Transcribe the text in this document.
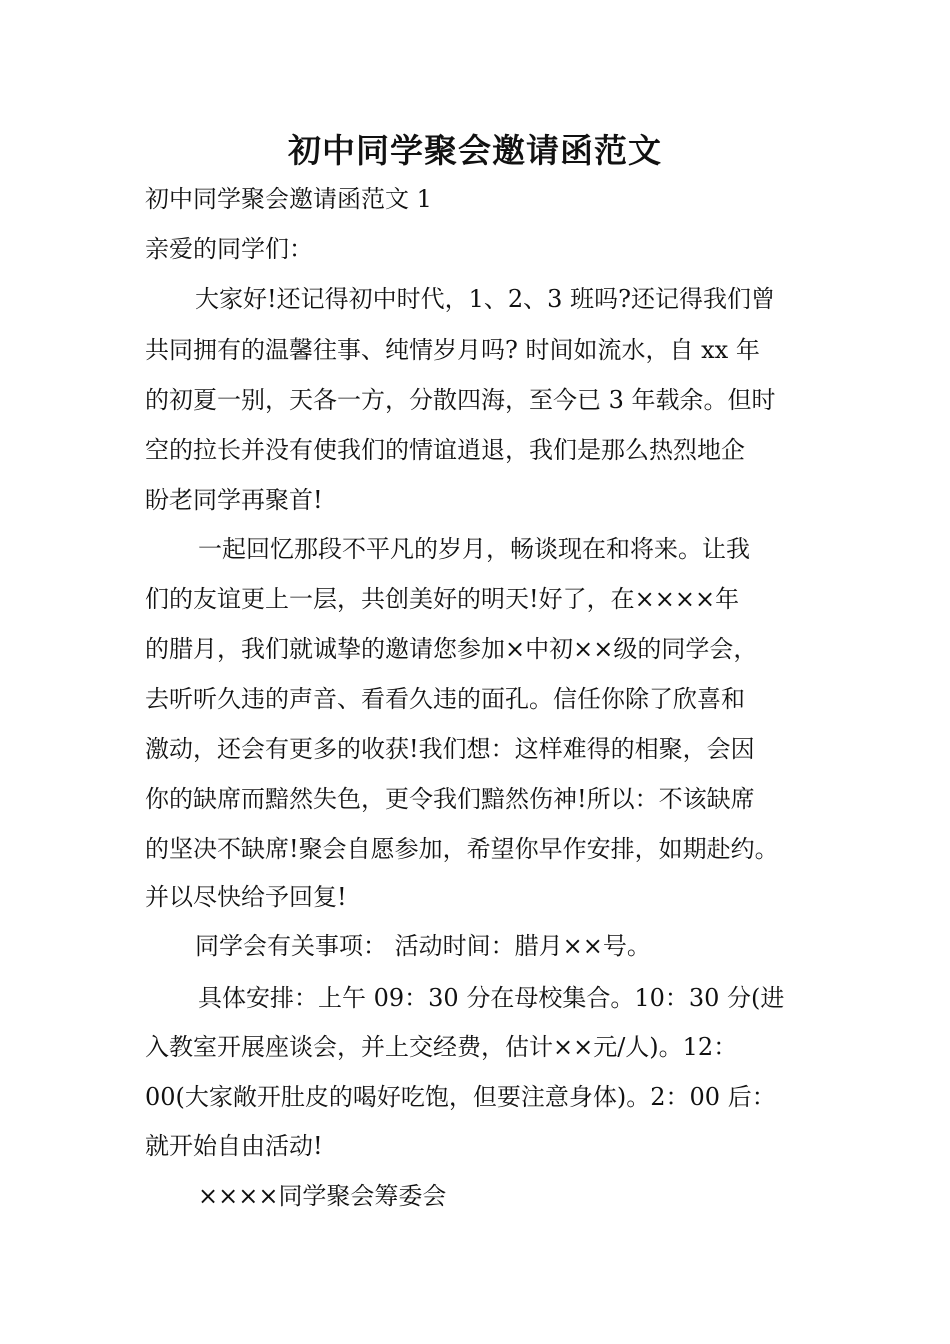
初中同学聚会邀请函范文
初中同学聚会邀请函范文 1
亲爱的同学们：
大家好!还记得初中时代，1、2、3 班吗?还记得我们曾
共同拥有的温馨往事、纯情岁月吗? 时间如流水，自 xx 年
的初夏一别，天各一方，分散四海，至今已 3 年载余。但时
空的拉长并没有使我们的情谊逍退，我们是那么热烈地企
盼老同学再聚首!
一起回忆那段不平凡的岁月，畅谈现在和将来。让我
们的友谊更上一层，共创美好的明天!好了，在××××年
的腊月，我们就诚挚的邀请您参加×中初××级的同学会，
去听听久违的声音、看看久违的面孔。信任你除了欣喜和
激动，还会有更多的收获!我们想：这样难得的相聚，会因
你的缺席而黯然失色，更令我们黯然伤神!所以：不该缺席
的坚决不缺席!聚会自愿参加，希望你早作安排，如期赴约。
并以尽快给予回复!
同学会有关事项： 活动时间：腊月××号。
具体安排：上午 09：30 分在母校集合。10：30 分(进
入教室开展座谈会，并上交经费，估计××元/人)。12：
00(大家敞开肚皮的喝好吃饱，但要注意身体)。2：00 后：
就开始自由活动!
××××同学聚会筹委会
